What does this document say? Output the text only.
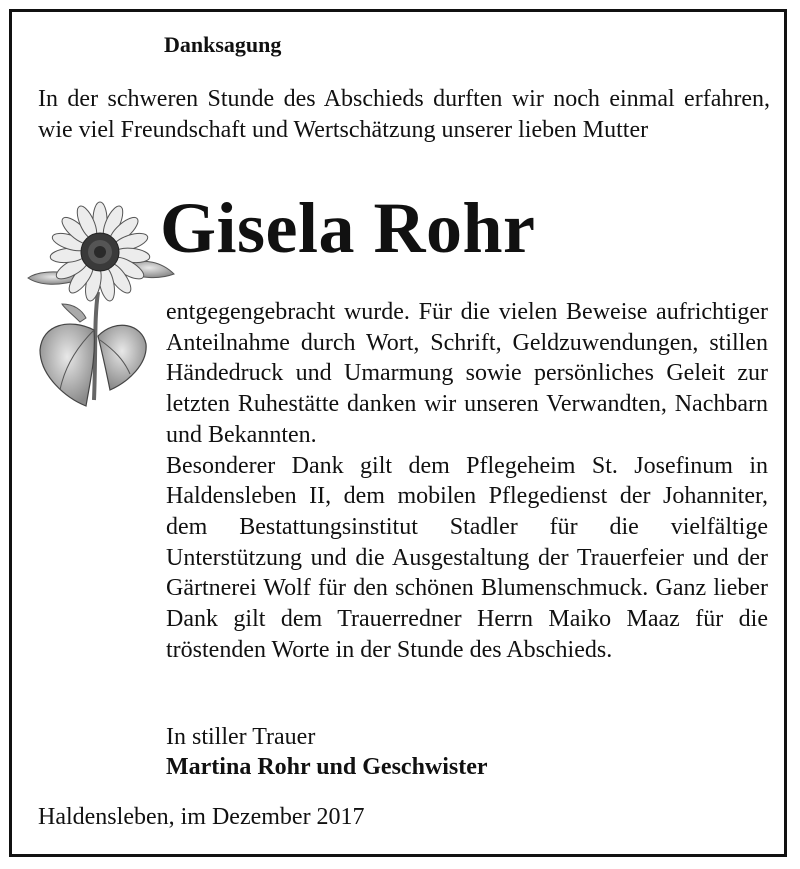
Danksagung

In der schweren Stunde des Abschieds durften wir noch einmal erfahren, wie viel Freundschaft und Wertschätzung unserer lieben Mutter

Gisela Rohr

entgegengebracht wurde. Für die vielen Beweise aufrichtiger Anteilnahme durch Wort, Schrift, Geldzuwendungen, stillen Händedruck und Umarmung sowie persönliches Geleit zur letzten Ruhestätte danken wir unseren Verwandten, Nachbarn und Bekannten.

Besonderer Dank gilt dem Pflegeheim St. Josefinum in Haldensleben II, dem mobilen Pflegedienst der Johanniter, dem Bestattungsinstitut Stadler für die vielfältige Unterstützung und die Ausgestaltung der Trauerfeier und der Gärtnerei Wolf für den schönen Blumenschmuck. Ganz lieber Dank gilt dem Trauerredner Herrn Maiko Maaz für die tröstenden Worte in der Stunde des Abschieds.

In stiller Trauer

Martina Rohr und Geschwister

Haldensleben, im Dezember 2017
